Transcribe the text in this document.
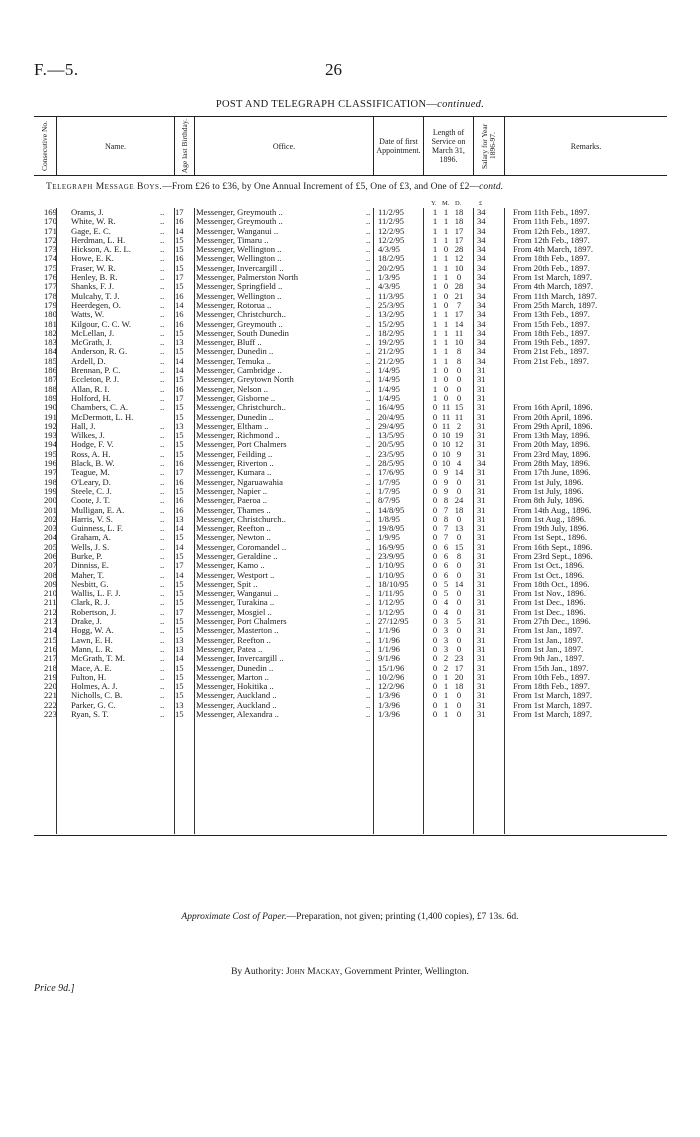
F.—5.	26
POST AND TELEGRAPH CLASSIFICATION—continued.
Consecutive No.	Name.	Age last Birthday.	Office.	Date of first Appointment.
Length of Service on March 31, 1896.	Salary for Year 1896-97.	Remarks.
Telegraph Message Boys.—From £26 to £36, by One Annual Increment of £5, One of £3, and One of £2—contd.
Y. M. D.	£
169 Orams, J.	.. 17 Messenger, Greymouth ..	.. 11/2/95	1 1 18	34	From 11th Feb., 1897.
170 White, W. R.	.. 16 Messenger, Greymouth ..	.. 11/2/95	1 1 18	34	From 11th Feb., 1897.
171 Gage, E. C.	.. 14 Messenger, Wanganui ..	.. 12/2/95	1 1 17	34	From 12th Feb., 1897.
172 Herdman, L. H.	.. 15 Messenger, Timaru ..	.. 12/2/95	1 1 17	34	From 12th Feb., 1897.
173 Hickson, A. E. L.	.. 15 Messenger, Wellington ..	.. 4/3/95	1 0 28	34	From 4th March, 1897.
174 Howe, E. K.	.. 16 Messenger, Wellington ..	.. 18/2/95	1 1 12	34	From 18th Feb., 1897.
175 Fraser, W. R.	.. 15 Messenger, Invercargill ..	.. 20/2/95	1 1 10	34	From 20th Feb., 1897.
176 Henley, B. R.	.. 17 Messenger, Palmerston North	.. 1/3/95	1 1	0	34	From 1st March, 1897.
177 Shanks, F. J.	.. 15 Messenger, Springfield ..	.. 4/3/95	1 0 28	34	From 4th March, 1897.
178 Mulcahy, T. J.	.. 16 Messenger, Wellington ..	.. 11/3/95	1 0 21	34	From 11th March, 1897.
179 Heerdegen, O.	.. 14 Messenger, Rotorua ..	.. 25/3/95	1 0	7	34	From 25th March, 1897.
180 Watts, W.	.. 16 Messenger, Christchurch..	.. 13/2/95	1 1 17	34	From 13th Feb., 1897.
181 Kilgour, C. C. W.	.. 16 Messenger, Greymouth ..	.. 15/2/95	1 1 14	34	From 15th Feb., 1897.
182 McLellan, J.	.. 15 Messenger, South Dunedin	.. 18/2/95	1 1 11	34	From 18th Feb., 1897.
183 McGrath, J.	.. 13 Messenger, Bluff ..	.. 19/2/95	1 1 10	34	From 19th Feb., 1897.
184 Anderson, R. G.	.. 15 Messenger, Dunedin ..	.. 21/2/95	1 1	8	34	From 21st Feb., 1897.
185 Ardell, D.	.. 14 Messenger, Temuka ..	.. 21/2/95	1 1	8	34	From 21st Feb., 1897.
186 Brennan, P. C.	.. 14 Messenger, Cambridge ..	.. 1/4/95	1 0	0	31
187 Eccleton, P. J.	.. 15 Messenger, Greytown North	.. 1/4/95	1 0	0	31
188 Allan, R. I.	.. 16 Messenger, Nelson ..	.. 1/4/95	1 0	0	31
189 Holford, H.	.. 17 Messenger, Gisborne ..	.. 1/4/95	1 0	0	31
190 Chambers, C. A.	.. 15 Messenger, Christchurch..	.. 16/4/95	0 11 15	31	From 16th April, 1896.
191 McDermott, L. H.	15 Messenger, Dunedin ..	.. 20/4/95	0 11 11	31	From 20th April, 1896.
192 Hall, J.	.. 13 Messenger, Eltham ..	.. 29/4/95	0 11 2	31	From 29th April, 1896.
193 Wilkes, J.	.. 15 Messenger, Richmond ..	.. 13/5/95	0 10 19	31	From 13th May, 1896.
194 Hodge, F. V.	.. 15 Messenger, Port Chalmers	.. 20/5/95	0 10 12	31	From 20th May, 1896.
195 Ross, A. H.	.. 15 Messenger, Feilding ..	.. 23/5/95	0 10 9	31	From 23rd May, 1896.
196 Black, B. W.	.. 16 Messenger, Riverton ..	.. 28/5/95	0 10 4	34	From 28th May, 1896.
197 Teague, M.	.. 17 Messenger, Kumara ..	.. 17/6/95	0 9 14	31	From 17th June, 1896.
198 O'Leary, D.	.. 16 Messenger, Ngaruawahia	.. 1/7/95	0 9	0	31	From 1st July, 1896.
199 Steele, C. J.	.. 15 Messenger, Napier ..	.. 1/7/95	0 9	0	31	From 1st July, 1896.
200 Coote, J. T.	.. 16 Messenger, Paeroa ..	.. 8/7/95	0 8 24	31	From 8th July, 1896.
201 Mulligan, E. A.	.. 16 Messenger, Thames ..	.. 14/8/95	0 7 18	31	From 14th Aug., 1896.
202 Harris, V. S.	.. 13 Messenger, Christchurch..	.. 1/8/95	0 8	0	31	From 1st Aug., 1896.
203 Guinness, L. F.	.. 14 Messenger, Reefton ..	.. 19/8/95	0 7 13	31	From 19th July, 1896.
204 Graham, A.	.. 15 Messenger, Newton ..	.. 1/9/95	0 7	0	31	From 1st Sept., 1896.
205 Wells, J. S.	.. 14 Messenger, Coromandel ..	.. 16/9/95	0 6 15	31	From 16th Sept., 1896.
206 Burke, P.	.. 15 Messenger, Geraldine ..	.. 23/9/95	0 6	8	31	From 23rd Sept., 1896.
207 Dinniss, E.	.. 17 Messenger, Kamo ..	.. 1/10/95	0 6	0	31	From 1st Oct., 1896.
208 Maher, T.	.. 14 Messenger, Westport ..	.. 1/10/95	0 6	0	31	From 1st Oct., 1896.
209 Nesbitt, G.	.. 15 Messenger, Spit ..	.. 18/10/95	0 5 14	31	From 18th Oct., 1896.
210 Wallis, L. F. J.	.. 15 Messenger, Wanganui ..	.. 1/11/95	0 5	0	31	From 1st Nov., 1896.
211 Clark, R. J.	.. 15 Messenger, Turakina ..	.. 1/12/95	0 4	0	31	From 1st Dec., 1896.
212 Robertson, J.	.. 17 Messenger, Mosgiel ..	.. 1/12/95	0 4	0	31	From 1st Dec., 1896.
213 Drake, J.	.. 15 Messenger, Port Chalmers	.. 27/12/95	0 3	5	31	From 27th Dec., 1896.
214 Hogg, W. A.	.. 15 Messenger, Masterton ..	.. 1/1/96	0 3	0	31	From 1st Jan., 1897.
215 Lawn, E. H.	.. 13 Messenger, Reefton ..	.. 1/1/96	0 3	0	31	From 1st Jan., 1897.
216 Mann, L. R.	.. 13 Messenger, Patea ..	.. 1/1/96	0 3	0	31	From 1st Jan., 1897.
217 McGrath, T. M.	.. 14 Messenger, Invercargill ..	.. 9/1/96	0 2 23	31	From 9th Jan., 1897.
218 Mace, A. E.	.. 15 Messenger, Dunedin ..	.. 15/1/96	0 2 17	31	From 15th Jan., 1897.
219 Fulton, H.	.. 15 Messenger, Marton ..	.. 10/2/96	0 1 20	31	From 10th Feb., 1897.
220 Holmes, A. J.	.. 15 Messenger, Hokitika ..	.. 12/2/96	0 1 18	31	From 18th Feb., 1897.
221 Nicholls, C. B.	.. 15 Messenger, Auckland ..	.. 1/3/96	0 1	0	31	From 1st March, 1897.
222 Parker, G. C.	.. 13 Messenger, Auckland ..	.. 1/3/96	0 1	0	31	From 1st March, 1897.
223 Ryan, S. T.	.. 15 Messenger, Alexandra ..	.. 1/3/96	0 1	0	31	From 1st March, 1897.
Approximate Cost of Paper.—Preparation, not given; printing (1,400 copies), £7 13s. 6d.
By Authority: John Mackay, Government Printer, Wellington.
Price 9d.]
